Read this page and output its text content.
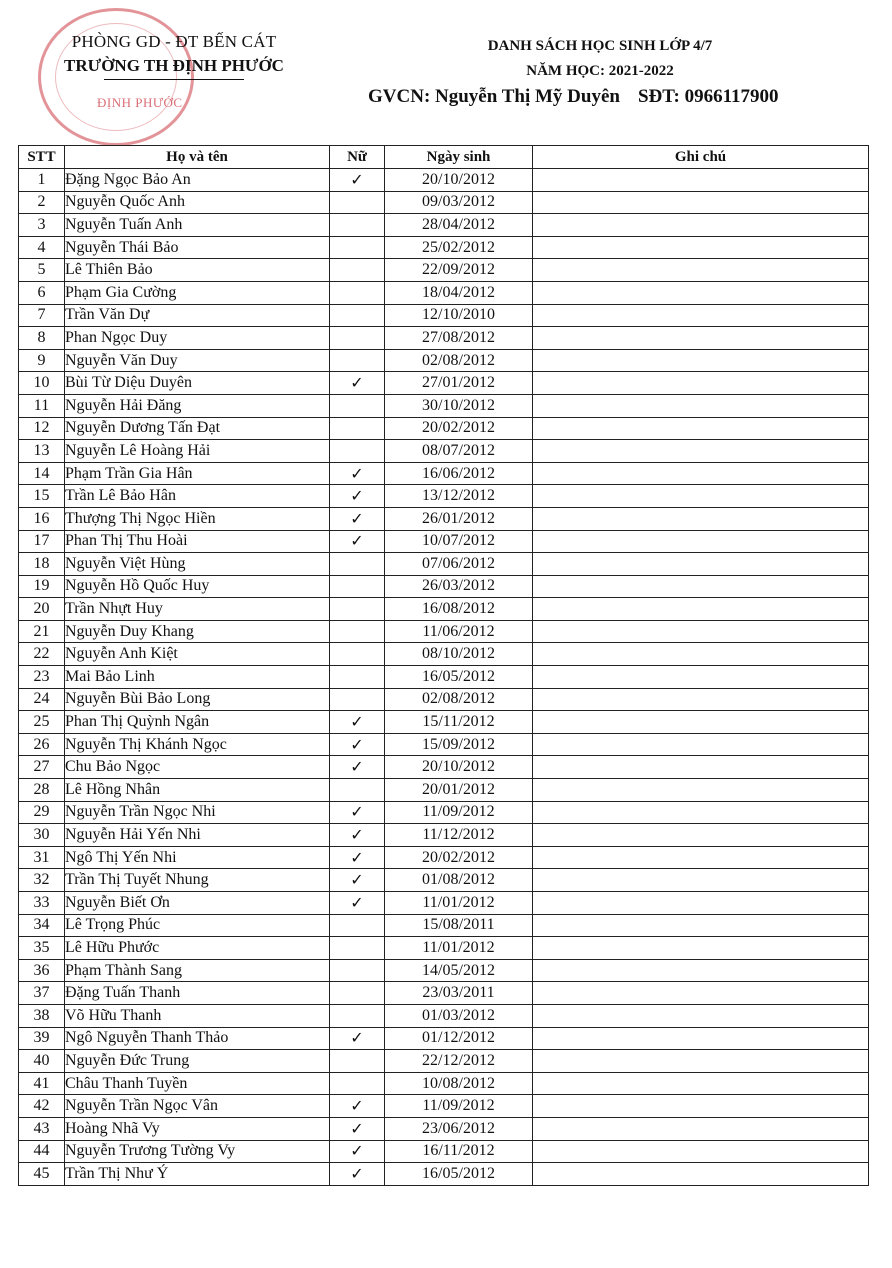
ĐỊNH PHƯỚC
PHÒNG GD - ĐT BẾN CÁT
TRƯỜNG TH ĐỊNH PHƯỚC
DANH SÁCH HỌC SINH LỚP 4/7
NĂM HỌC: 2021-2022
GVCN: Nguyễn Thị Mỹ Duyên SĐT: 0966117900
STT	Họ và tên	Nữ	Ngày sinh	Ghi chú
1	Đặng Ngọc Bảo An	✓	20/10/2012	
2	Nguyễn Quốc Anh		09/03/2012	
3	Nguyễn Tuấn Anh		28/04/2012	
4	Nguyễn Thái Bảo		25/02/2012	
5	Lê Thiên Bảo		22/09/2012	
6	Phạm Gia Cường		18/04/2012	
7	Trần Văn Dự		12/10/2010	
8	Phan Ngọc Duy		27/08/2012	
9	Nguyễn Văn Duy		02/08/2012	
10	Bùi Từ Diệu Duyên	✓	27/01/2012	
11	Nguyễn Hải Đăng		30/10/2012	
12	Nguyễn Dương Tấn Đạt		20/02/2012	
13	Nguyễn Lê Hoàng Hải		08/07/2012	
14	Phạm Trần Gia Hân	✓	16/06/2012	
15	Trần Lê Bảo Hân	✓	13/12/2012	
16	Thượng Thị Ngọc Hiền	✓	26/01/2012	
17	Phan Thị Thu Hoài	✓	10/07/2012	
18	Nguyễn Việt Hùng		07/06/2012	
19	Nguyễn Hồ Quốc Huy		26/03/2012	
20	Trần Nhựt Huy		16/08/2012	
21	Nguyễn Duy Khang		11/06/2012	
22	Nguyễn Anh Kiệt		08/10/2012	
23	Mai Bảo Linh		16/05/2012	
24	Nguyễn Bùi Bảo Long		02/08/2012	
25	Phan Thị Quỳnh Ngân	✓	15/11/2012	
26	Nguyễn Thị Khánh Ngọc	✓	15/09/2012	
27	Chu Bảo Ngọc	✓	20/10/2012	
28	Lê Hồng Nhân		20/01/2012	
29	Nguyễn Trần Ngọc Nhi	✓	11/09/2012	
30	Nguyễn Hải Yến Nhi	✓	11/12/2012	
31	Ngô Thị Yến Nhi	✓	20/02/2012	
32	Trần Thị Tuyết Nhung	✓	01/08/2012	
33	Nguyễn Biết Ơn	✓	11/01/2012	
34	Lê Trọng Phúc		15/08/2011	
35	Lê Hữu Phước		11/01/2012	
36	Phạm Thành Sang		14/05/2012	
37	Đặng Tuấn Thanh		23/03/2011	
38	Võ Hữu Thanh		01/03/2012	
39	Ngô Nguyễn Thanh Thảo	✓	01/12/2012	
40	Nguyễn Đức Trung		22/12/2012	
41	Châu Thanh Tuyền		10/08/2012	
42	Nguyễn Trần Ngọc Vân	✓	11/09/2012	
43	Hoàng Nhã Vy	✓	23/06/2012	
44	Nguyễn Trương Tường Vy	✓	16/11/2012	
45	Trần Thị Như Ý	✓	16/05/2012	
